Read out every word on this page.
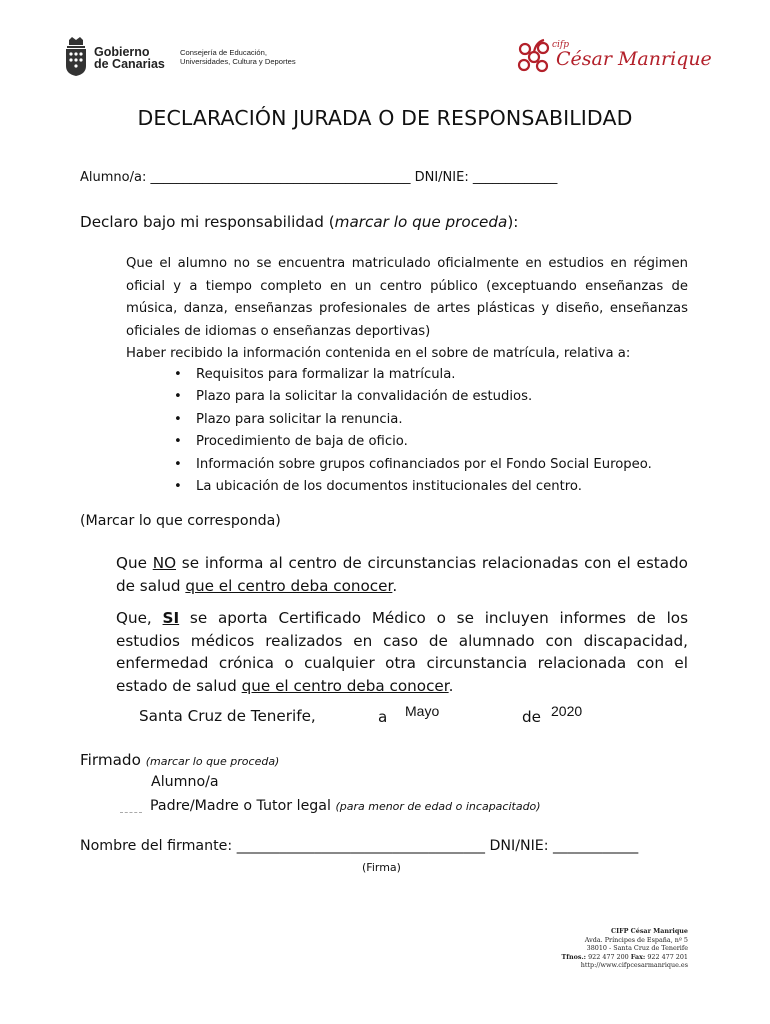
Gobierno
de Canarias
Consejería de Educación,
Universidades, Cultura y Deportes
cifp
César Manrique
DECLARACIÓN JURADA O DE RESPONSABILIDAD
Alumno/a: ________________________________________ DNI/NIE: _____________
Declaro bajo mi responsabilidad (marcar lo que proceda):

Que el alumno no se encuentra matriculado oficialmente en estudios en régimen oficial y a tiempo completo en un centro público (exceptuando enseñanzas de música, danza, enseñanzas profesionales de artes plásticas y diseño, enseñanzas oficiales de idiomas o enseñanzas deportivas)

Haber recibido la información contenida en el sobre de matrícula, relativa a:

• Requisitos para formalizar la matrícula.
• Plazo para la solicitar la convalidación de estudios.
• Plazo para solicitar la renuncia.
• Procedimiento de baja de oficio.
• Información sobre grupos cofinanciados por el Fondo Social Europeo.
• La ubicación de los documentos institucionales del centro.
(Marcar lo que corresponda)

Que NO se informa al centro de circunstancias relacionadas con el estado de salud que el centro deba conocer.

Que, SI se aporta Certificado Médico o se incluyen informes de los estudios médicos realizados en caso de alumnado con discapacidad, enfermedad crónica o cualquier otra circunstancia relacionada con el estado de salud que el centro deba conocer.

Santa Cruz de Tenerife,	a Mayo	de 2020
Firmado (marcar lo que proceda)
Alumno/a
Padre/Madre o Tutor legal (para menor de edad o incapacitado)
Nombre del firmante: ___________________________________ DNI/NIE: ____________
(Firma)
CIFP César Manrique
Avda. Príncipes de España, nº 5
38010 - Santa Cruz de Tenerife
Tfnos.: 922 477 200 Fax: 922 477 201
http://www.cifpcesarmanrique.es
